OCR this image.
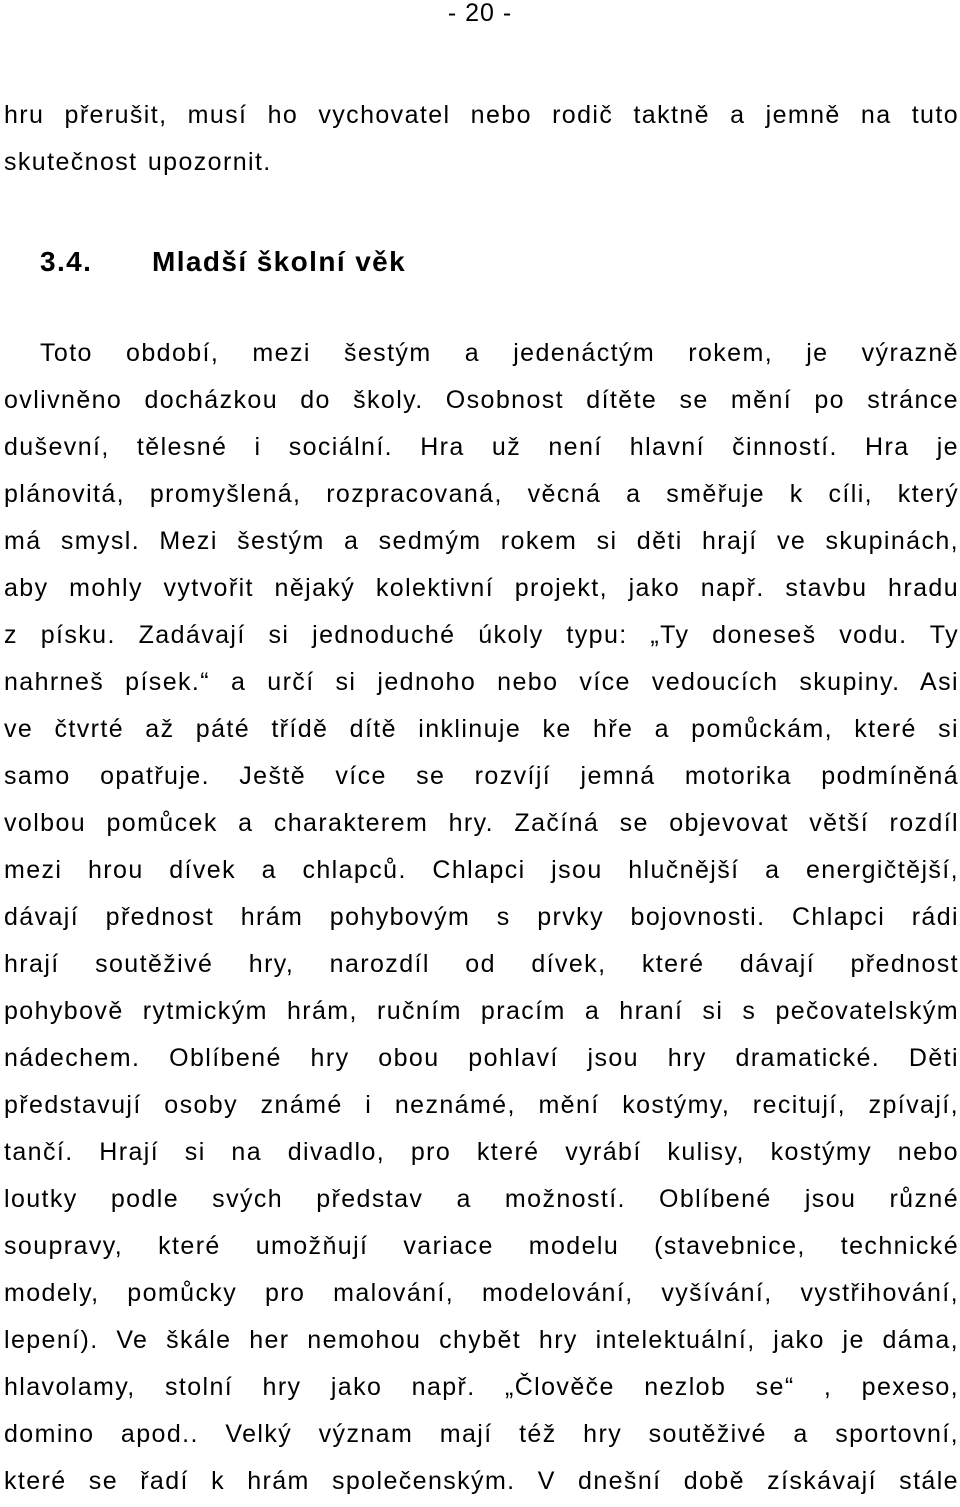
- 20 -
hru přerušit, musí ho vychovatel nebo rodič taktně a jemně na tuto
skutečnost upozornit.
3.4. Mladší školní věk
Toto období, mezi šestým a jedenáctým rokem, je výrazně
ovlivněno docházkou do školy. Osobnost dítěte se mění po stránce
duševní, tělesné i sociální. Hra už není hlavní činností. Hra je
plánovitá, promyšlená, rozpracovaná, věcná a směřuje k cíli, který
má smysl. Mezi šestým a sedmým rokem si děti hrají ve skupinách,
aby mohly vytvořit nějaký kolektivní projekt, jako např. stavbu hradu
z písku. Zadávají si jednoduché úkoly typu: „Ty doneseš vodu. Ty
nahrneš písek.“ a určí si jednoho nebo více vedoucích skupiny. Asi
ve čtvrté až páté třídě dítě inklinuje ke hře a pomůckám, které si
samo opatřuje. Ještě více se rozvíjí jemná motorika podmíněná
volbou pomůcek a charakterem hry. Začíná se objevovat větší rozdíl
mezi hrou dívek a chlapců. Chlapci jsou hlučnější a energičtější,
dávají přednost hrám pohybovým s prvky bojovnosti. Chlapci rádi
hrají soutěživé hry, narozdíl od dívek, které dávají přednost
pohybově rytmickým hrám, ručním pracím a hraní si s pečovatelským
nádechem. Oblíbené hry obou pohlaví jsou hry dramatické. Děti
představují osoby známé i neznámé, mění kostýmy, recitují, zpívají,
tančí. Hrají si na divadlo, pro které vyrábí kulisy, kostýmy nebo
loutky podle svých představ a možností. Oblíbené jsou různé
soupravy, které umožňují variace modelu (stavebnice, technické
modely, pomůcky pro malování, modelování, vyšívání, vystřihování,
lepení). Ve škále her nemohou chybět hry intelektuální, jako je dáma,
hlavolamy, stolní hry jako např. „Člověče nezlob se“ , pexeso,
domino apod.. Velký význam mají též hry soutěživé a sportovní,
které se řadí k hrám společenským. V dnešní době získávají stále
